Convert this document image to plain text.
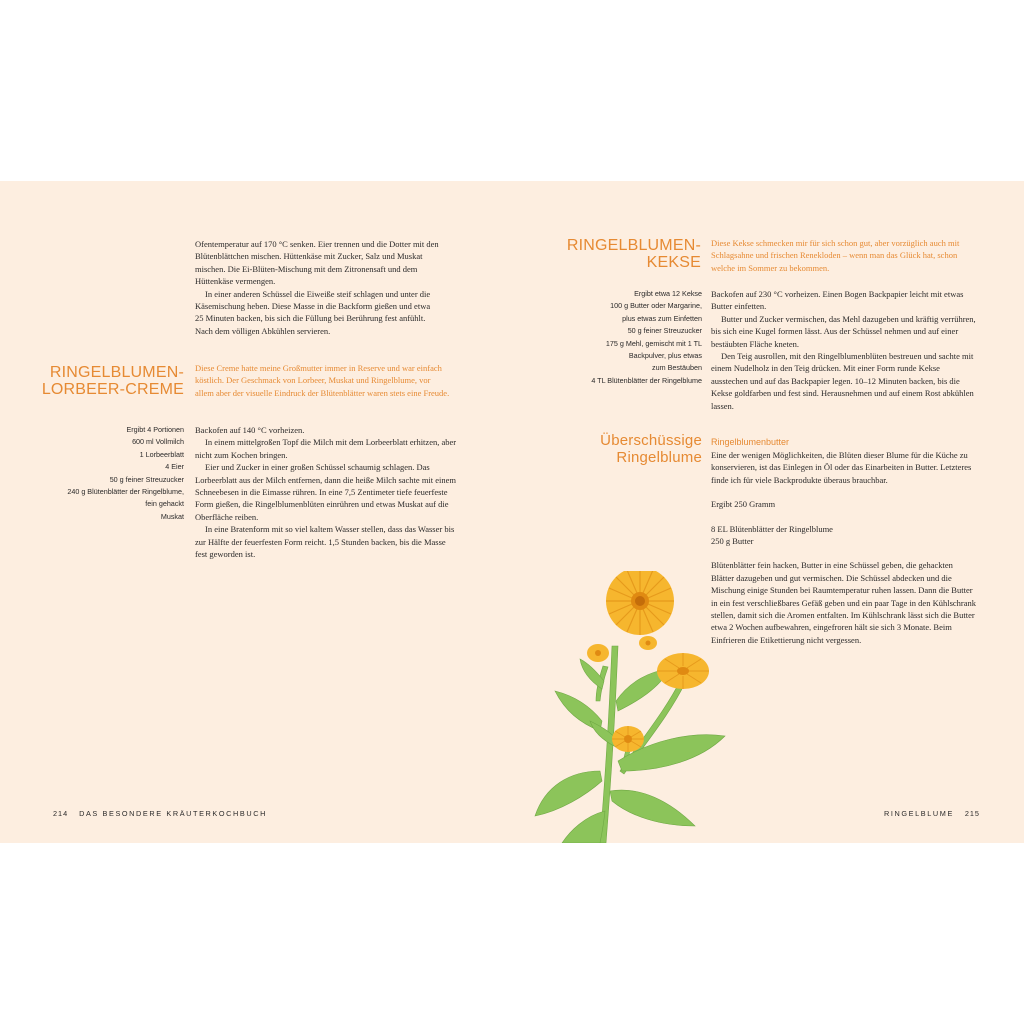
Ofentemperatur auf 170 °C senken. Eier trennen und die Dotter mit den Blütenblättchen mischen. Hüttenkäse mit Zucker, Salz und Muskat mischen. Die Ei-Blüten-Mischung mit dem Zitronensaft und dem Hüttenkäse vermengen.

In einer anderen Schüssel die Eiweiße steif schlagen und unter die Käsemischung heben. Diese Masse in die Backform gießen und etwa 25 Minuten backen, bis sich die Füllung bei Berührung fest anfühlt. Nach dem völligen Abkühlen servieren.

RINGELBLUMEN-
LORBEER-CREME
Diese Creme hatte meine Großmutter immer in Reserve und war einfach köstlich. Der Geschmack von Lorbeer, Muskat und Ringelblume, vor allem aber der visuelle Eindruck der Blütenblätter waren stets eine Freude.
Ergibt 4 Portionen
600 ml Vollmilch
1 Lorbeerblatt
4 Eier
50 g feiner Streuzucker
240 g Blütenblätter der Ringelblume,
fein gehackt
Muskat

Backofen auf 140 °C vorheizen.

In einem mittelgroßen Topf die Milch mit dem Lorbeerblatt erhitzen, aber nicht zum Kochen bringen.

Eier und Zucker in einer großen Schüssel schaumig schlagen. Das Lorbeerblatt aus der Milch entfernen, dann die heiße Milch sachte mit einem Schneebesen in die Eimasse rühren. In eine 7,5 Zentimeter tiefe feuerfeste Form gießen, die Ringelblumenblüten einrühren und etwas Muskat auf die Oberfläche reiben.

In eine Bratenform mit so viel kaltem Wasser stellen, dass das Wasser bis zur Hälfte der feuerfesten Form reicht. 1,5 Stunden backen, bis die Masse fest geworden ist.

214 DAS BESONDERE KRÄUTERKOCHBUCH
RINGELBLUMEN-
KEKSE
Diese Kekse schmecken mir für sich schon gut, aber vorzüglich auch mit Schlagsahne und frischen Renekloden – wenn man das Glück hat, schon welche im Sommer zu bekommen.
Ergibt etwa 12 Kekse
100 g Butter oder Margarine,
plus etwas zum Einfetten
50 g feiner Streuzucker
175 g Mehl, gemischt mit 1 TL
Backpulver, plus etwas
zum Bestäuben
4 TL Blütenblätter der Ringelblume

Backofen auf 230 °C vorheizen. Einen Bogen Backpapier leicht mit etwas Butter einfetten.

Butter und Zucker vermischen, das Mehl dazugeben und kräftig verrühren, bis sich eine Kugel formen lässt. Aus der Schüssel nehmen und auf einer bestäubten Fläche kneten.

Den Teig ausrollen, mit den Ringelblumenblüten bestreuen und sachte mit einem Nudelholz in den Teig drücken. Mit einer Form runde Kekse ausstechen und auf das Backpapier legen. 10–12 Minuten backen, bis die Kekse goldfarben und fest sind. Herausnehmen und auf einem Rost abkühlen lassen.

Überschüssige
Ringelblume
Ringelblumenbutter

Eine der wenigen Möglichkeiten, die Blüten dieser Blume für die Küche zu konservieren, ist das Einlegen in Öl oder das Einarbeiten in Butter. Letzteres finde ich für viele Backprodukte überaus brauchbar.

Ergibt 250 Gramm

8 EL Blütenblätter der Ringelblume

250 g Butter

Blütenblätter fein hacken, Butter in eine Schüssel geben, die gehackten Blätter dazugeben und gut vermischen. Die Schüssel abdecken und die Mischung einige Stunden bei Raumtemperatur ruhen lassen. Dann die Butter in ein fest verschließbares Gefäß geben und ein paar Tage in den Kühlschrank stellen, damit sich die Aromen entfalten. Im Kühlschrank lässt sich die Butter etwa 2 Wochen aufbewahren, eingefroren hält sie sich 3 Monate. Beim Einfrieren die Etikettierung nicht vergessen.

RINGELBLUME 215
